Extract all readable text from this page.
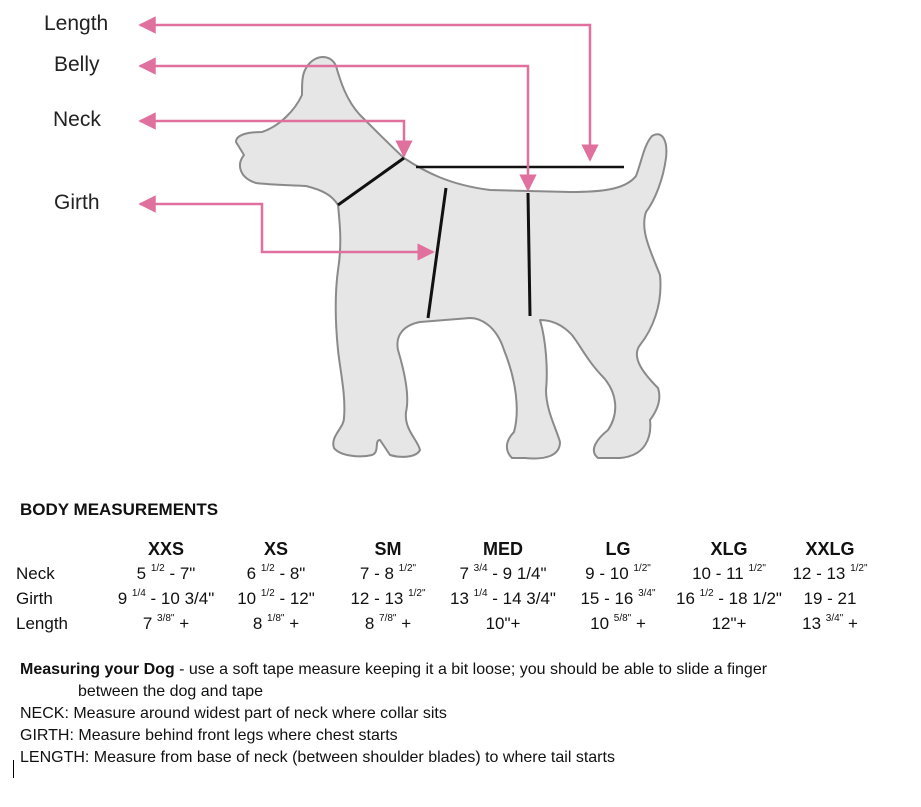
Length
Belly
Neck
Girth
BODY MEASUREMENTS
	XXS	XS	SM	MED	LG	XLG	XXLG
Neck	5 $^{1/2}$ - 7"	6 $^{1/2}$ - 8"	7 - 8 $^{1/2"}$	7 $^{3/4}$ - 9 1/4"	9 - 10 $^{1/2"}$	10 - 11 $^{1/2"}$	12 - 13 $^{1/2"}$
Girth	9 $^{1/4}$ - 10 3/4"	10 $^{1/2}$ - 12"	12 - 13 $^{1/2"}$	13 $^{1/4}$ - 14 3/4"	15 - 16 $^{3/4"}$	16 $^{1/2}$ - 18 1/2"	19 - 21
Length	7 $^{3/8"}$ +	8 $^{1/8"}$ +	8 $^{7/8"}$ +	10"+	10 $^{5/8"}$ +	12"+	13 $^{3/4"}$ +
Measuring your Dog - use a soft tape measure keeping it a bit loose; you should be able to slide a finger
between the dog and tape
NECK: Measure around widest part of neck where collar sits
GIRTH: Measure behind front legs where chest starts
LENGTH: Measure from base of neck (between shoulder blades) to where tail starts
